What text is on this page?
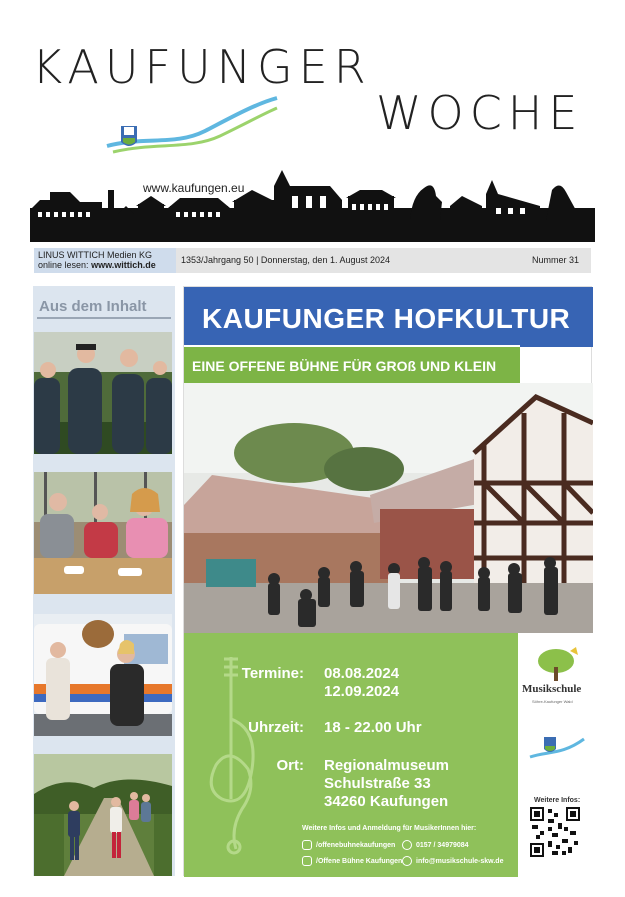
KAUFUNGER
WOCHE
www.kaufungen.eu
LINUS WITTICH Medien KG
online lesen: www.wittich.de	1353/Jahrgang 50 | Donnerstag, den 1. August 2024	Nummer 31
Aus dem Inhalt KAUFUNGER HOFKULTUR
EINE OFFENE BÜHNE FÜR GROß UND KLEIN
Termine: 08.08.2024
12.09.2024
Uhrzeit: 18 - 22.00 Uhr
Ort: Regionalmuseum
Schulstraße 33
34260 Kaufungen
Weitere Infos und Anmeldung für MusikerInnen hier:
/offenebuhnekaufungen	0157 / 34979084
/Offene Bühne Kaufungen	info@musikschule-skw.de
Musikschule
Söhre-Kaufunger Wald
Weitere Infos:
